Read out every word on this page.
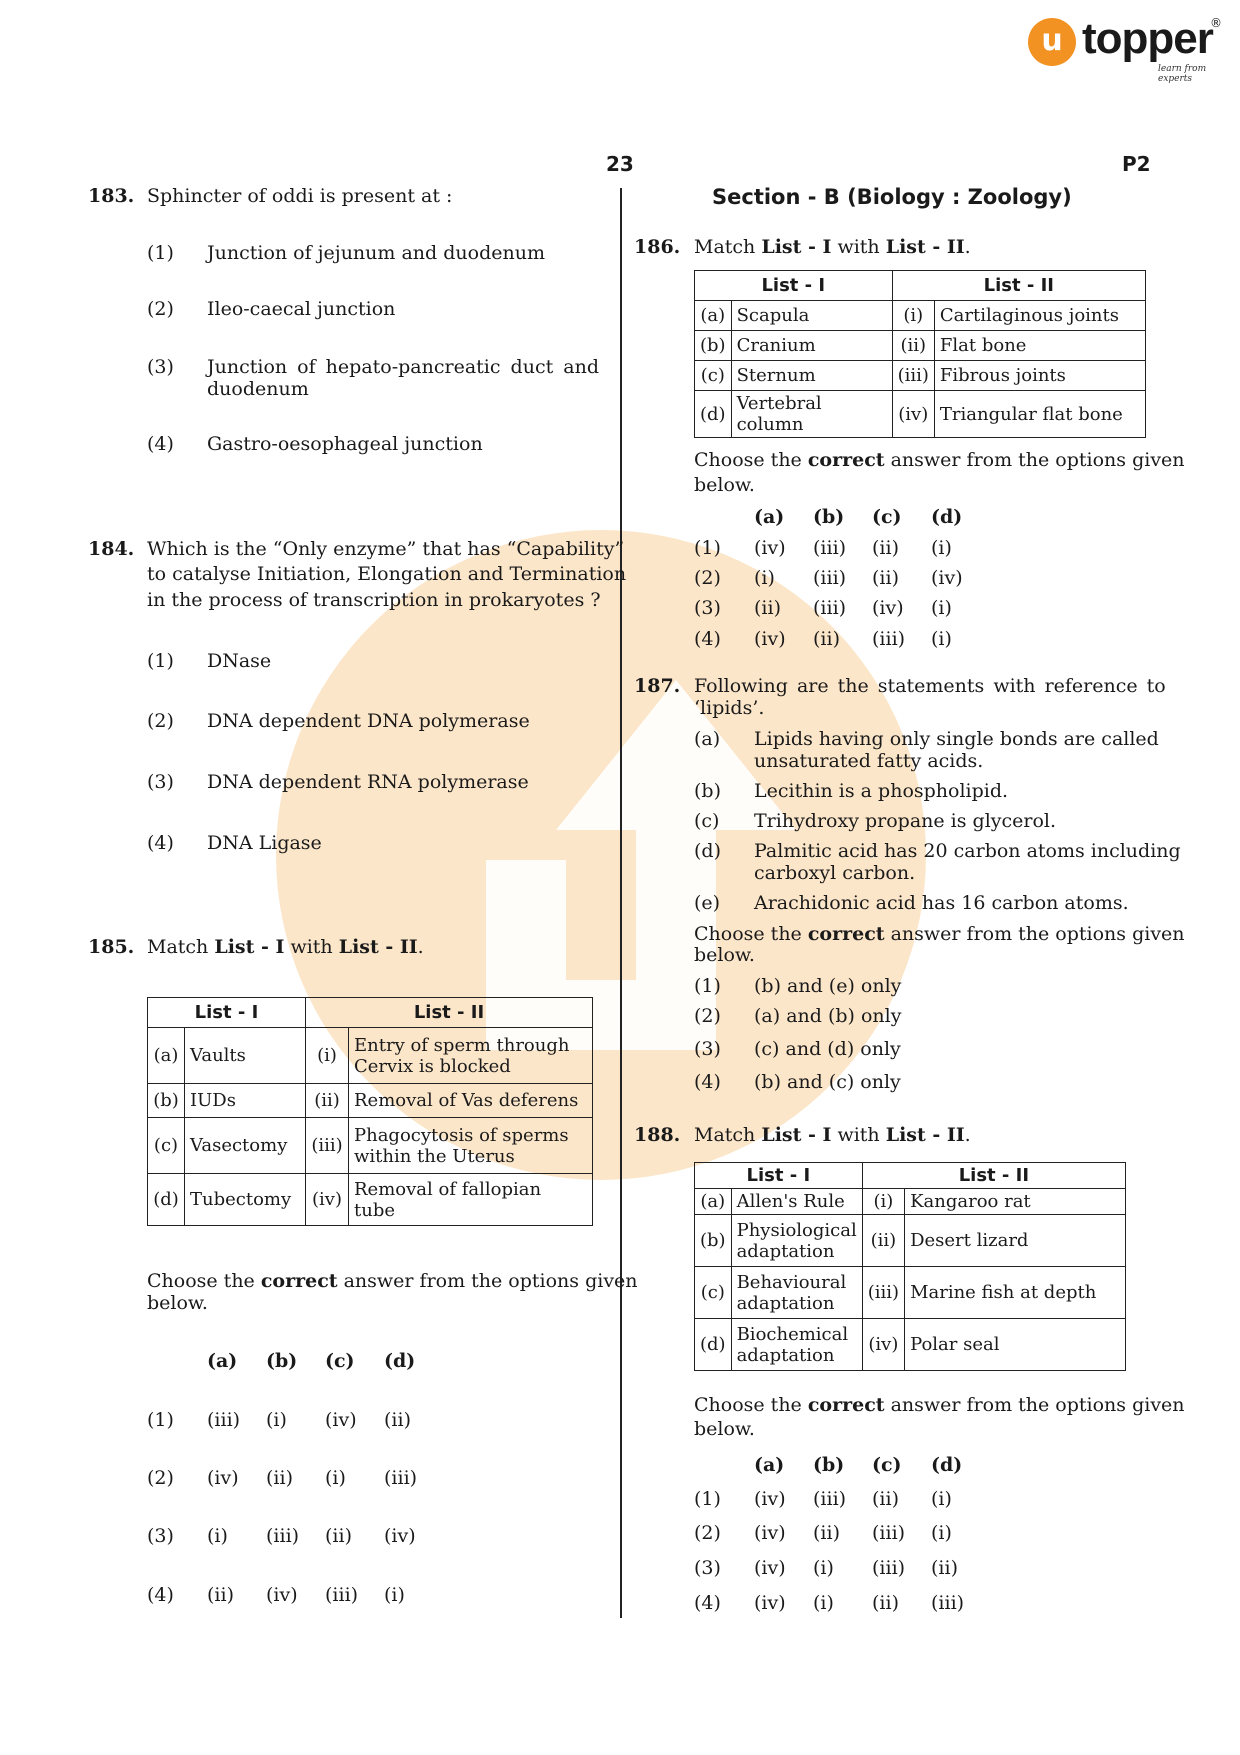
u topper
®
learn from experts
23	P2
183. Sphincter of oddi is present at :
(1) Junction of jejunum and duodenum
(2) Ileo-caecal junction
(3) Junction of hepato-pancreatic duct and
duodenum
(4) Gastro-oesophageal junction
184. Which is the “Only enzyme” that has “Capability”
to catalyse Initiation, Elongation and Termination
in the process of transcription in prokaryotes ?
(1) DNase
(2) DNA dependent DNA polymerase
(3) DNA dependent RNA polymerase
(4) DNA Ligase
185. Match List - I with List - II.
List - I		List - II	
(a)	Vaults	(i)	Entry of sperm through
Cervix is blocked

(b)	IUDs	(ii)	Removal of Vas deferens
(c)	Vasectomy	(iii)	Phagocytosis of sperms
within the Uterus

(d)	Tubectomy	(iv)	Removal of fallopian tube
Choose the correct answer from the options given
below.
(a) (b) (c) (d)
(1) (iii) (i) (iv) (ii)
(2) (iv) (ii) (i) (iii)
(3) (i) (iii) (ii) (iv)
(4) (ii) (iv) (iii) (i)
Section - B (Biology : Zoology)
186. Match List - I with List - II.
List - I		List - II	
(a)	Scapula	(i)	Cartilaginous joints
(b)	Cranium	(ii)	Flat bone
(c)	Sternum	(iii)	Fibrous joints
(d)	Vertebral column	(iv)	Triangular flat bone
Choose the correct answer from the options given
below.
(a) (b) (c) (d)
(1) (iv) (iii) (ii) (i)
(2) (i) (iii) (ii) (iv)
(3) (ii) (iii) (iv) (i)
(4) (iv) (ii) (iii) (i)
187. Following are the statements with reference to
‘lipids’.
(a) Lipids having only single bonds are called
unsaturated fatty acids.
(b) Lecithin is a phospholipid.
(c) Trihydroxy propane is glycerol.
(d) Palmitic acid has 20 carbon atoms including
carboxyl carbon.
(e) Arachidonic acid has 16 carbon atoms.
Choose the correct answer from the options given
below.
(1) (b) and (e) only
(2) (a) and (b) only
(3) (c) and (d) only
(4) (b) and (c) only
188. Match List - I with List - II.
List - I		List - II	
(a)	Allen's Rule	(i)	Kangaroo rat
(b)	Physiological
adaptation	(ii)	Desert lizard
(c)	Behavioural
adaptation	(iii)	Marine fish at depth
(d)	Biochemical
adaptation	(iv)	Polar seal
Choose the correct answer from the options given
below.
(a) (b) (c) (d)
(1) (iv) (iii) (ii) (i)
(2) (iv) (ii) (iii) (i)
(3) (iv) (i) (iii) (ii)
(4) (iv) (i) (ii) (iii)
